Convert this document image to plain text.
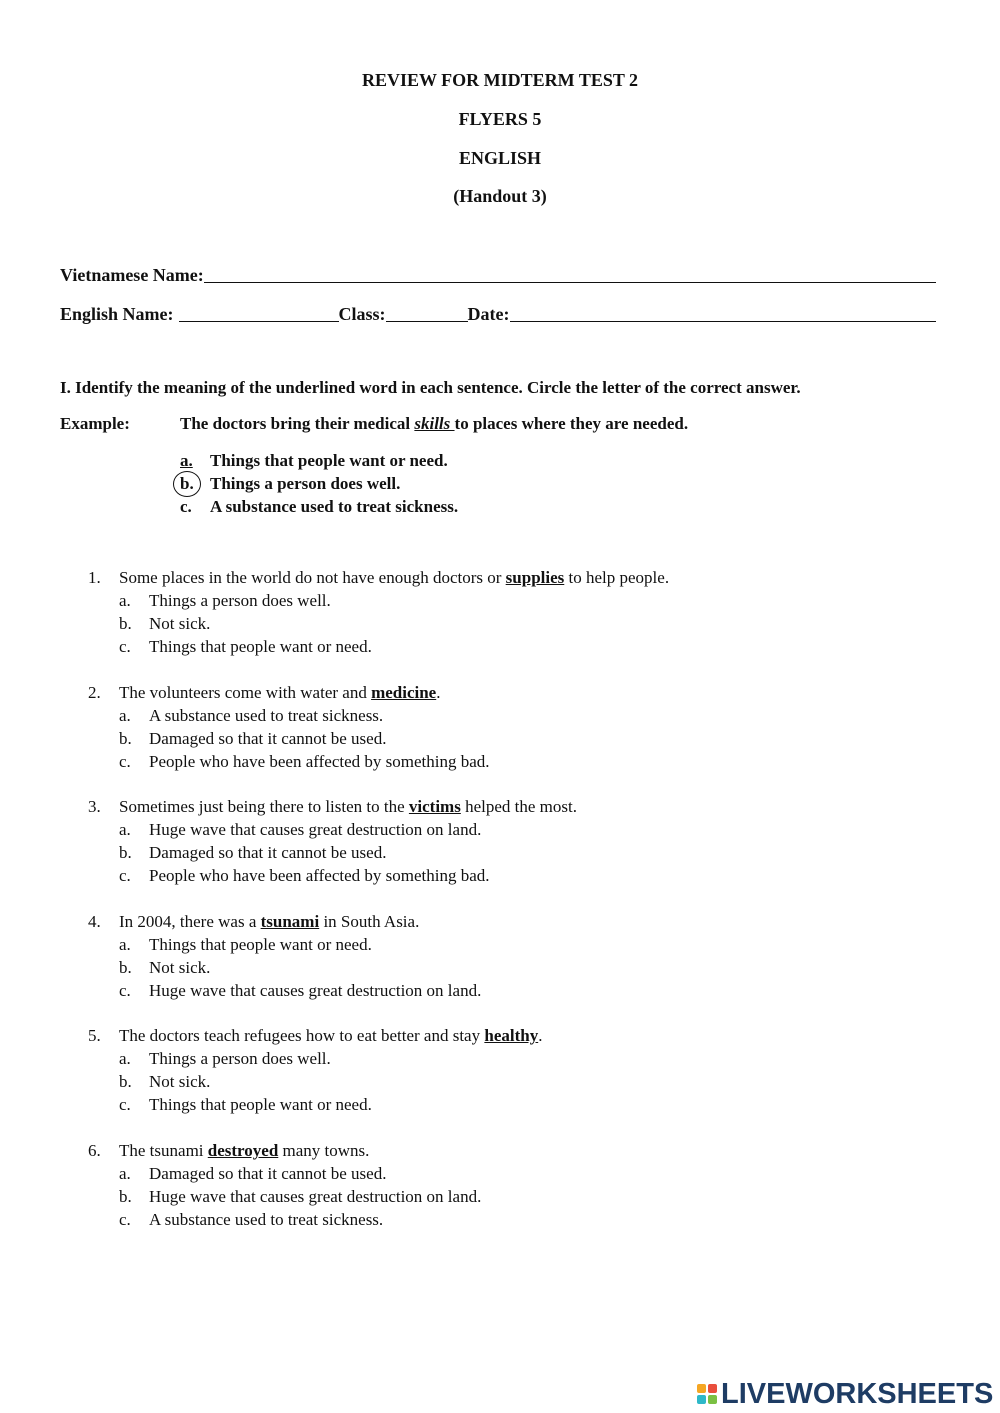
REVIEW FOR MIDTERM TEST 2
FLYERS 5
ENGLISH
(Handout 3)
Vietnamese Name:
English Name:	Class:	Date:
I. Identify the meaning of the underlined word in each sentence. Circle the letter of the correct answer.
Example:	The doctors bring their medical skills to places where they are needed.
a.	Things that people want or need.
b. Things a person does well.
c.	A substance used to treat sickness.
1. Some places in the world do not have enough doctors or supplies to help people.
a. Things a person does well.
b. Not sick.
c. Things that people want or need.
2. The volunteers come with water and medicine.
a. A substance used to treat sickness.
b. Damaged so that it cannot be used.
c. People who have been affected by something bad.
3. Sometimes just being there to listen to the victims helped the most.
a. Huge wave that causes great destruction on land.
b. Damaged so that it cannot be used.
c. People who have been affected by something bad.
4. In 2004, there was a tsunami in South Asia.
a. Things that people want or need.
b. Not sick.
c. Huge wave that causes great destruction on land.
5. The doctors teach refugees how to eat better and stay healthy.
a. Things a person does well.
b. Not sick.
c. Things that people want or need.
6. The tsunami destroyed many towns.
a. Damaged so that it cannot be used.
b. Huge wave that causes great destruction on land.
c. A substance used to treat sickness.
LIVEWORKSHEETS
